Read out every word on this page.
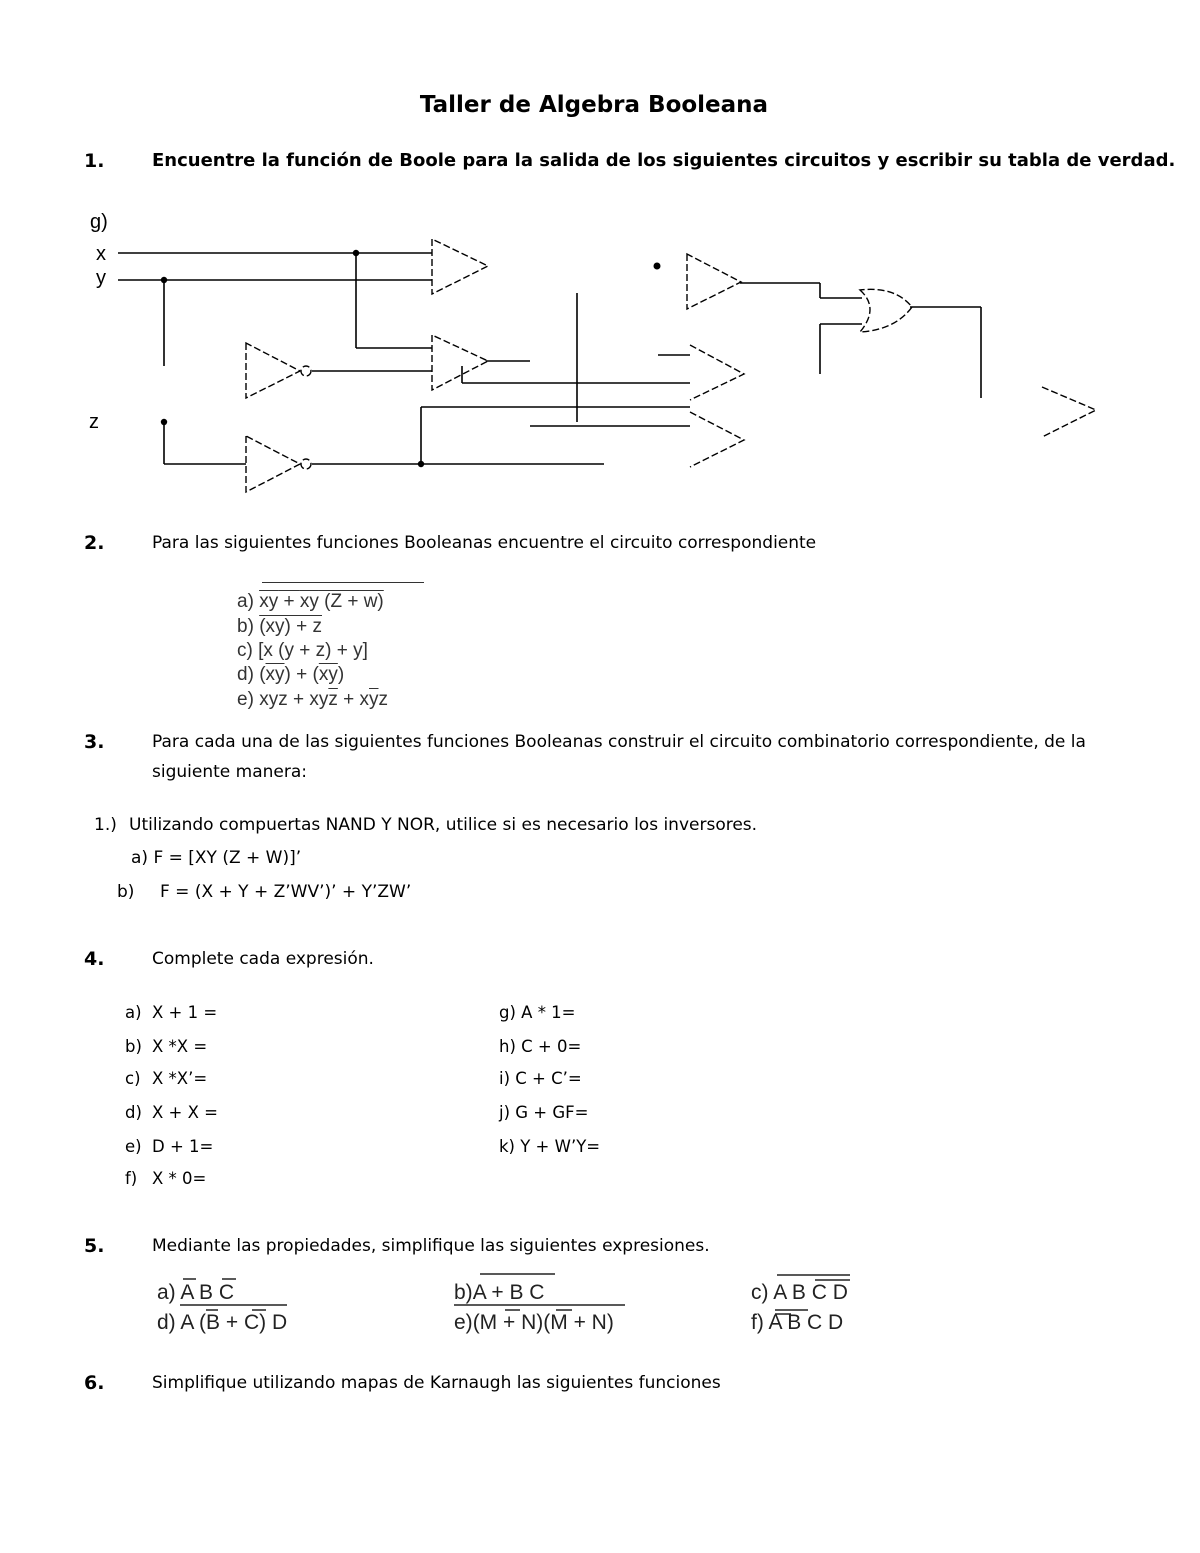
Taller de Algebra Booleana
1.	Encuentre la función de Boole para la salida de los siguientes circuitos y escribir su tabla de verdad.
g)
x
y
z
2.	Para las siguientes funciones Booleanas encuentre el circuito correspondiente
a) xy + xy (Z + w)
b) (xy) + z
c) [x (y + z) + y]
d) $(\overline{xy}) + (\overline{xy})$
e) xyz + $xy\overline{z} + x\overline{y}z$
3.	Para cada una de las siguientes funciones Booleanas construir el circuito combinatorio correspondiente, de la
siguiente manera:
1.) Utilizando compuertas NAND Y NOR, utilice si es necesario los inversores.
a) F = [XY (Z + W)]’
b) F = (X + Y + Z’WV’)’ + Y’ZW’
4.	Complete cada expresión.
a) X + 1 =
b) X *X =
c) X *X’=
d) X + X =
e) D + 1=
f) X * 0=
g) A * 1=
h) C + 0=
i) C + C’=
j) G + GF=
k) Y + W’Y=
5.	Mediante las propiedades, simplifique las siguientes expresiones.
a) A B C	b)A + B C	c) A B C D
d) A (B + C) D	e)(M + N)(M + N)	f) A B C D
6.	Simplifique utilizando mapas de Karnaugh las siguientes funciones
